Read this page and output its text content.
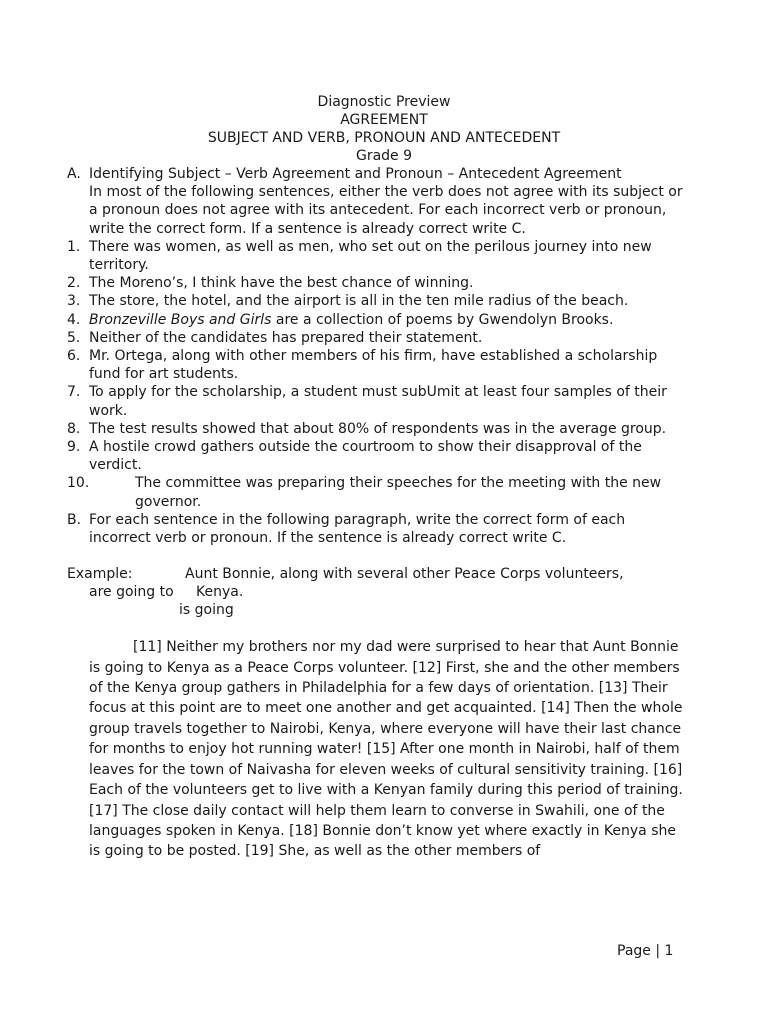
Diagnostic Preview
AGREEMENT
SUBJECT AND VERB, PRONOUN AND ANTECEDENT
Grade 9
A. Identifying Subject – Verb Agreement and Pronoun – Antecedent Agreement
In most of the following sentences, either the verb does not agree with its subject or a pronoun does not agree with its antecedent. For each incorrect verb or pronoun, write the correct form. If a sentence is already correct write C.
1. There was women, as well as men, who set out on the perilous journey into new territory.
2. The Moreno’s, I think have the best chance of winning.
3. The store, the hotel, and the airport is all in the ten mile radius of the beach.
4. Bronzeville Boys and Girls are a collection of poems by Gwendolyn Brooks.
5. Neither of the candidates has prepared their statement.
6. Mr. Ortega, along with other members of his firm, have established a scholarship fund for art students.
7. To apply for the scholarship, a student must subUmit at least four samples of their work.
8. The test results showed that about 80% of respondents was in the average group.
9. A hostile crowd gathers outside the courtroom to show their disapproval of the verdict.
10.	The committee was preparing their speeches for the meeting with the new governor.
B. For each sentence in the following paragraph, write the correct form of each incorrect verb or pronoun. If the sentence is already correct write C.
Example:	Aunt Bonnie, along with several other Peace Corps volunteers,
are going to Kenya.
is going
[11] Neither my brothers nor my dad were surprised to hear that Aunt Bonnie is going to Kenya as a Peace Corps volunteer. [12] First, she and the other members of the Kenya group gathers in Philadelphia for a few days of orientation. [13] Their focus at this point are to meet one another and get acquainted. [14] Then the whole group travels together to Nairobi, Kenya, where everyone will have their last chance for months to enjoy hot running water! [15] After one month in Nairobi, half of them leaves for the town of Naivasha for eleven weeks of cultural sensitivity training. [16] Each of the volunteers get to live with a Kenyan family during this period of training. [17] The close daily contact will help them learn to converse in Swahili, one of the languages spoken in Kenya. [18] Bonnie don’t know yet where exactly in Kenya she is going to be posted. [19] She, as well as the other members of
Page | 1
